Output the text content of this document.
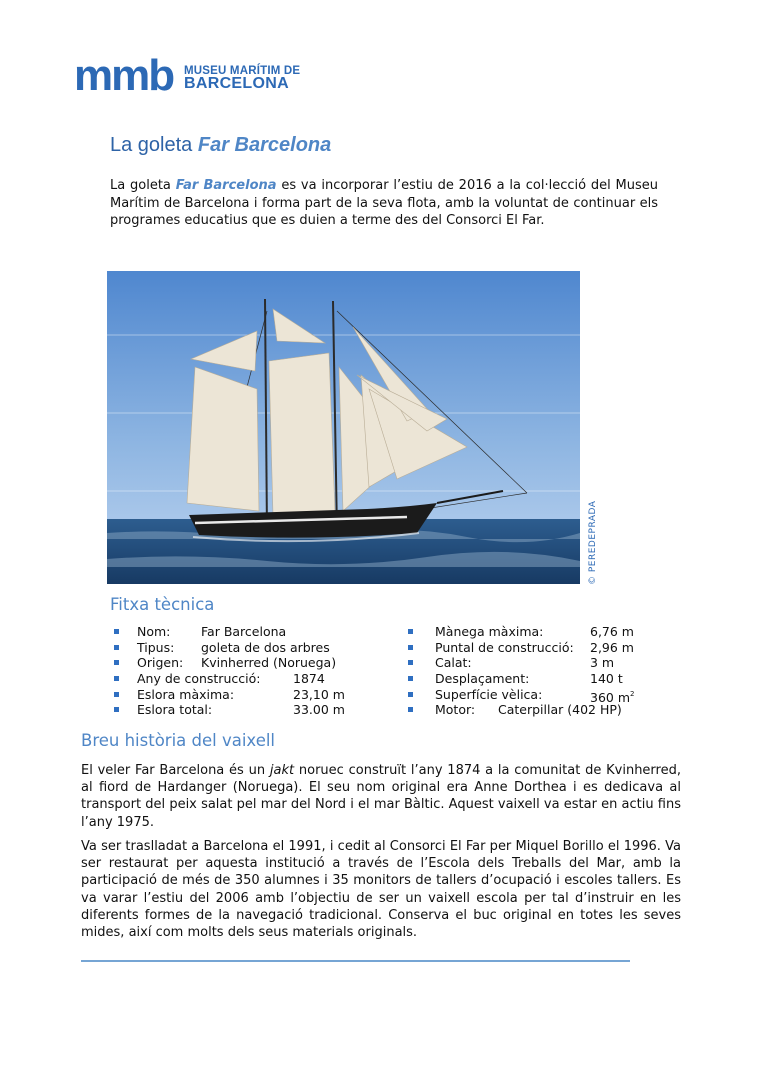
mmb MUSEU MARÍTIM DE
BARCELONA
La goleta Far Barcelona
La goleta Far Barcelona es va incorporar l’estiu de 2016 a la col·lecció del Museu Marítim de Barcelona i forma part de la seva flota, amb la voluntat de continuar els programes educatius que es duien a terme des del Consorci El Far.
© PEREDEPRADA
Fitxa tècnica
Nom: Far Barcelona
Tipus: goleta de dos arbres
Origen: Kvinherred (Noruega)
Any de construcció:	1874
Eslora màxima:	23,10 m
Eslora total:	33.00 m
Mànega màxima:	6,76 m
Puntal de construcció: 2,96 m
Calat:	3 m
Desplaçament:	140 t
Superfície vèlica:	360 $m^2$
Motor: Caterpillar (402 HP)
Breu història del vaixell

El veler Far Barcelona és un jakt noruec construït l’any 1874 a la comunitat de Kvinherred, al fiord de Hardanger (Noruega). El seu nom original era Anne Dorthea i es dedicava al transport del peix salat pel mar del Nord i el mar Bàltic. Aquest vaixell va estar en actiu fins l’any 1975.

Va ser traslladat a Barcelona el 1991, i cedit al Consorci El Far per Miquel Borillo el 1996. Va ser restaurat per aquesta institució a través de l’Escola dels Treballs del Mar, amb la participació de més de 350 alumnes i 35 monitors de tallers d’ocupació i escoles tallers. Es va varar l’estiu del 2006 amb l’objectiu de ser un vaixell escola per tal d’instruir en les diferents formes de la navegació tradicional. Conserva el buc original en totes les seves mides, així com molts dels seus materials originals.
